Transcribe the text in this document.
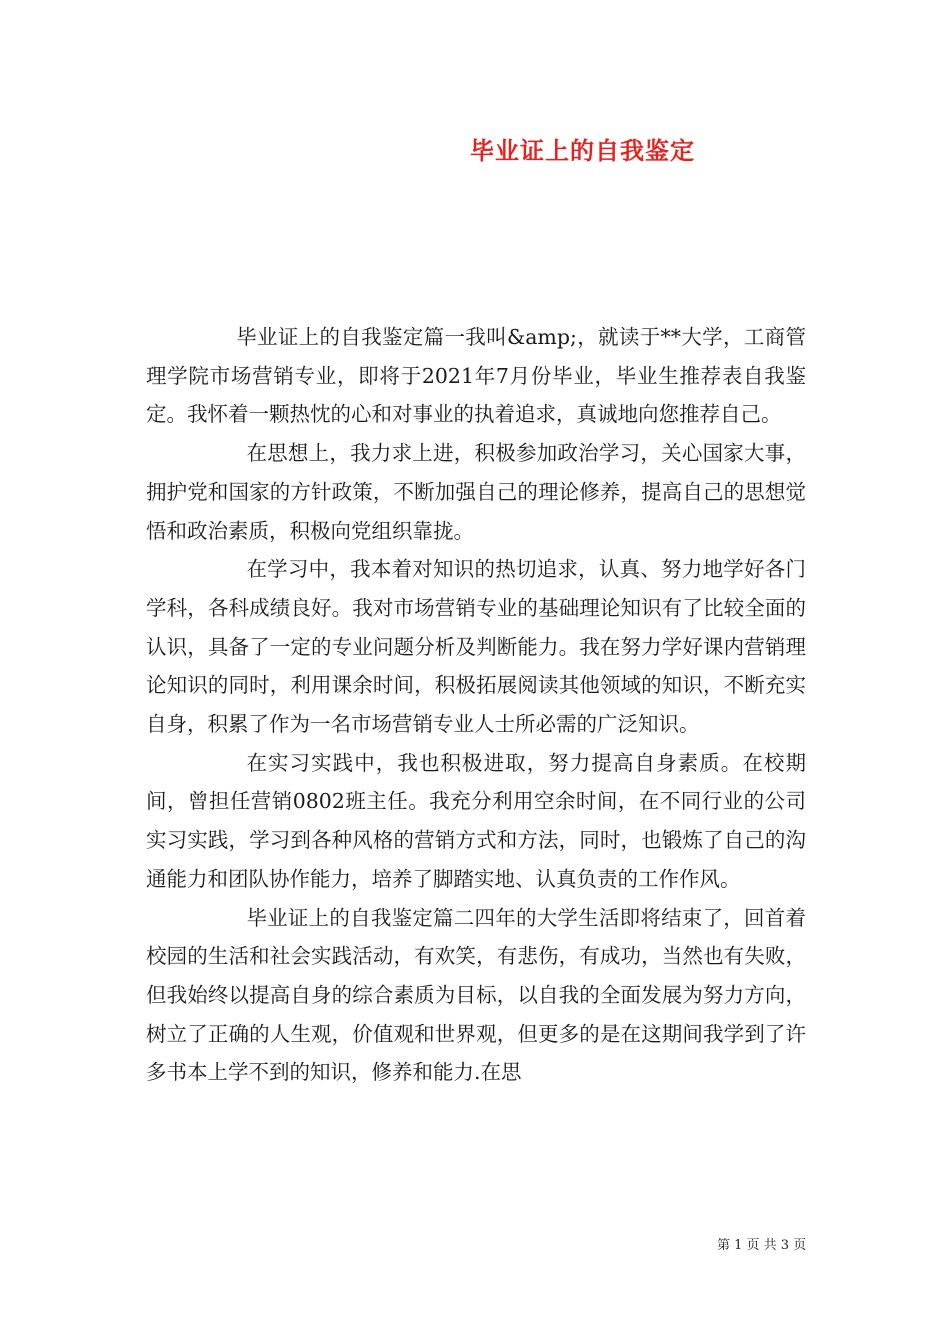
毕业证上的自我鉴定

毕业证上的自我鉴定篇一我叫&amp;，就读于**大学，工商管理学院市场营销专业，即将于2021年7月份毕业，毕业生推荐表自我鉴定。我怀着一颗热忱的心和对事业的执着追求，真诚地向您推荐自己。

在思想上，我力求上进，积极参加政治学习，关心国家大事，拥护党和国家的方针政策，不断加强自己的理论修养，提高自己的思想觉悟和政治素质，积极向党组织靠拢。

在学习中，我本着对知识的热切追求，认真、努力地学好各门学科，各科成绩良好。我对市场营销专业的基础理论知识有了比较全面的认识，具备了一定的专业问题分析及判断能力。我在努力学好课内营销理论知识的同时，利用课余时间，积极拓展阅读其他领域的知识，不断充实自身，积累了作为一名市场营销专业人士所必需的广泛知识。

在实习实践中，我也积极进取，努力提高自身素质。在校期间，曾担任营销0802班主任。我充分利用空余时间，在不同行业的公司实习实践，学习到各种风格的营销方式和方法，同时，也锻炼了自己的沟通能力和团队协作能力，培养了脚踏实地、认真负责的工作作风。

毕业证上的自我鉴定篇二四年的大学生活即将结束了，回首着校园的生活和社会实践活动，有欢笑，有悲伤，有成功，当然也有失败，但我始终以提高自身的综合素质为目标，以自我的全面发展为努力方向，树立了正确的人生观，价值观和世界观，但更多的是在这期间我学到了许多书本上学不到的知识，修养和能力.在思

第 1 页 共 3 页
